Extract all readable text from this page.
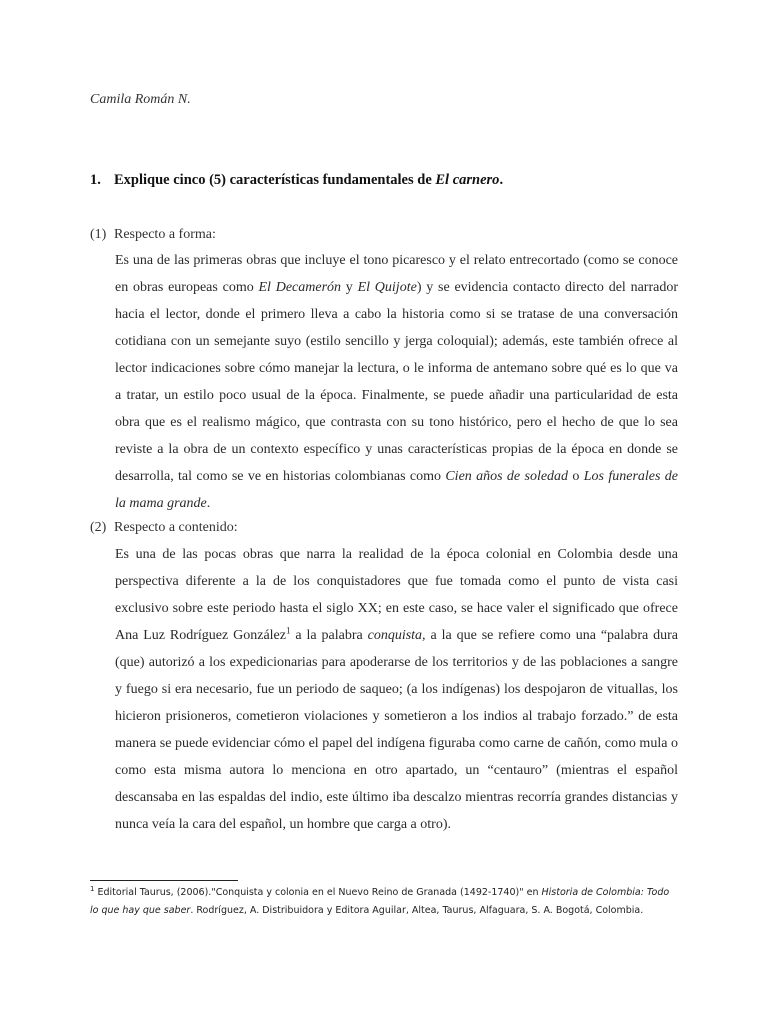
Camila Román N.
1. Explique cinco (5) características fundamentales de El carnero.
(1) Respecto a forma:
Es una de las primeras obras que incluye el tono picaresco y el relato entrecortado (como se conoce en obras europeas como El Decamerón y El Quijote) y se evidencia contacto directo del narrador hacia el lector, donde el primero lleva a cabo la historia como si se tratase de una conversación cotidiana con un semejante suyo (estilo sencillo y jerga coloquial); además, este también ofrece al lector indicaciones sobre cómo manejar la lectura, o le informa de antemano sobre qué es lo que va a tratar, un estilo poco usual de la época. Finalmente, se puede añadir una particularidad de esta obra que es el realismo mágico, que contrasta con su tono histórico, pero el hecho de que lo sea reviste a la obra de un contexto específico y unas características propias de la época en donde se desarrolla, tal como se ve en historias colombianas como Cien años de soledad o Los funerales de la mama grande.
(2) Respecto a contenido:
Es una de las pocas obras que narra la realidad de la época colonial en Colombia desde una perspectiva diferente a la de los conquistadores que fue tomada como el punto de vista casi exclusivo sobre este periodo hasta el siglo XX; en este caso, se hace valer el significado que ofrece Ana Luz Rodríguez González$^1$ a la palabra conquista, a la que se refiere como una “palabra dura (que) autorizó a los expedicionarias para apoderarse de los territorios y de las poblaciones a sangre y fuego si era necesario, fue un periodo de saqueo; (a los indígenas) los despojaron de vituallas, los hicieron prisioneros, cometieron violaciones y sometieron a los indios al trabajo forzado.” de esta manera se puede evidenciar cómo el papel del indígena figuraba como carne de cañón, como mula o como esta misma autora lo menciona en otro apartado, un “centauro” (mientras el español descansaba en las espaldas del indio, este último iba descalzo mientras recorría grandes distancias y nunca veía la cara del español, un hombre que carga a otro).
$^1$ Editorial Taurus, (2006)."Conquista y colonia en el Nuevo Reino de Granada (1492-1740)" en Historia de Colombia: Todo lo que hay que saber. Rodríguez, A. Distribuidora y Editora Aguilar, Altea, Taurus, Alfaguara, S. A. Bogotá, Colombia.
